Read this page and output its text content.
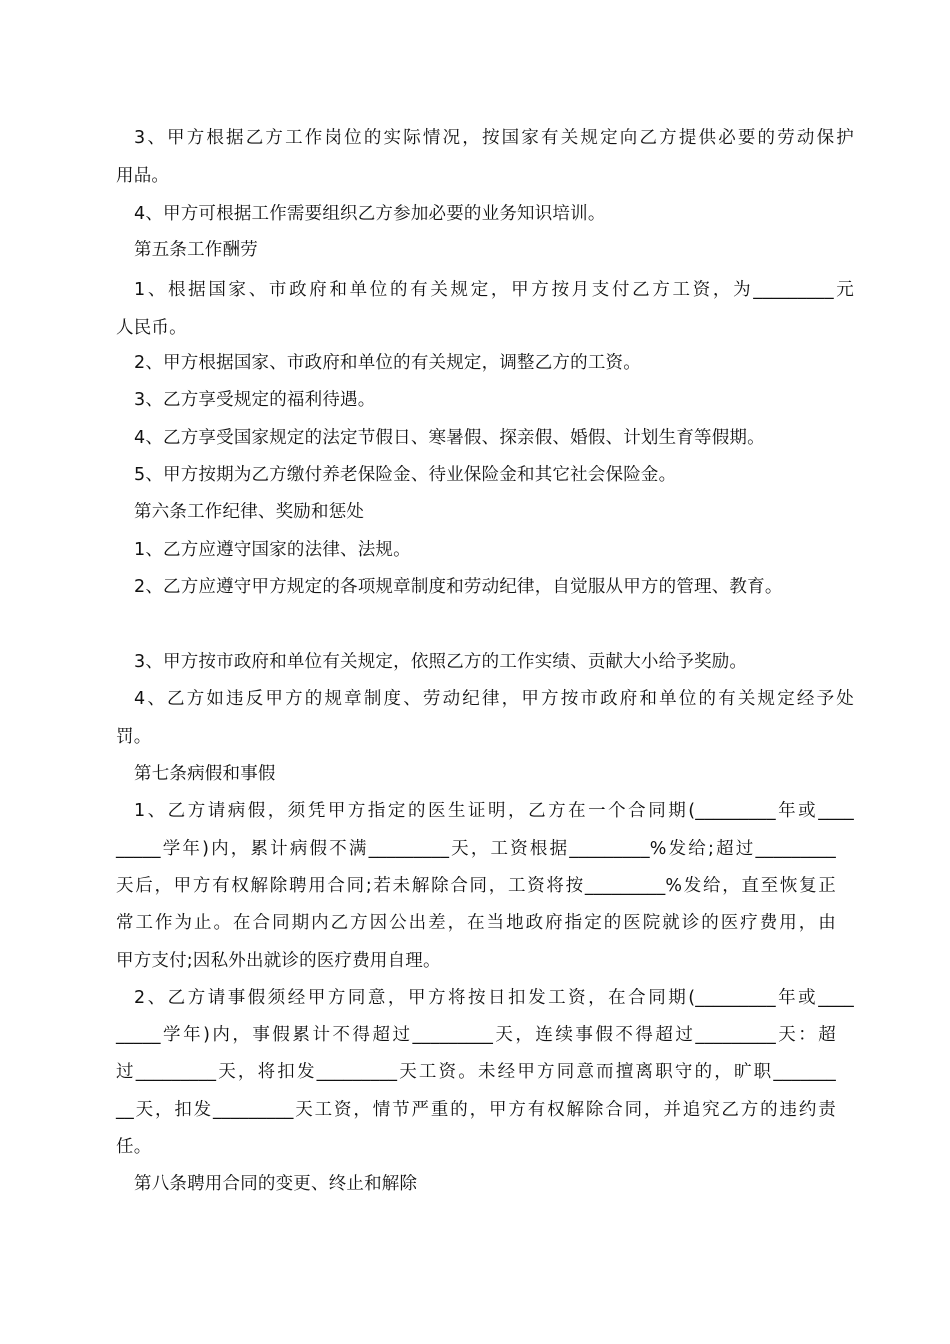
3、甲方根据乙方工作岗位的实际情况，按国家有关规定向乙方提供必要的劳动保护
用品。
4、甲方可根据工作需要组织乙方参加必要的业务知识培训。
第五条工作酬劳
1、根据国家、市政府和单位的有关规定，甲方按月支付乙方工资，为_________元
人民币。
2、甲方根据国家、市政府和单位的有关规定，调整乙方的工资。
3、乙方享受规定的福利待遇。
4、乙方享受国家规定的法定节假日、寒暑假、探亲假、婚假、计划生育等假期。
5、甲方按期为乙方缴付养老保险金、待业保险金和其它社会保险金。
第六条工作纪律、奖励和惩处
1、乙方应遵守国家的法律、法规。
2、乙方应遵守甲方规定的各项规章制度和劳动纪律，自觉服从甲方的管理、教育。
3、甲方按市政府和单位有关规定，依照乙方的工作实绩、贡献大小给予奖励。
4、乙方如违反甲方的规章制度、劳动纪律，甲方按市政府和单位的有关规定经予处
罚。
第七条病假和事假
1、乙方请病假，须凭甲方指定的医生证明，乙方在一个合同期(_________年或____
_____学年)内，累计病假不满_________天，工资根据_________%发给;超过_________
天后，甲方有权解除聘用合同;若未解除合同，工资将按_________%发给，直至恢复正
常工作为止。在合同期内乙方因公出差，在当地政府指定的医院就诊的医疗费用，由
甲方支付;因私外出就诊的医疗费用自理。
2、乙方请事假须经甲方同意，甲方将按日扣发工资，在合同期(_________年或____
_____学年)内，事假累计不得超过_________天，连续事假不得超过_________天：超
过_________天，将扣发_________天工资。未经甲方同意而擅离职守的，旷职_______
__天，扣发_________天工资，情节严重的，甲方有权解除合同，并追究乙方的违约责
任。
第八条聘用合同的变更、终止和解除
